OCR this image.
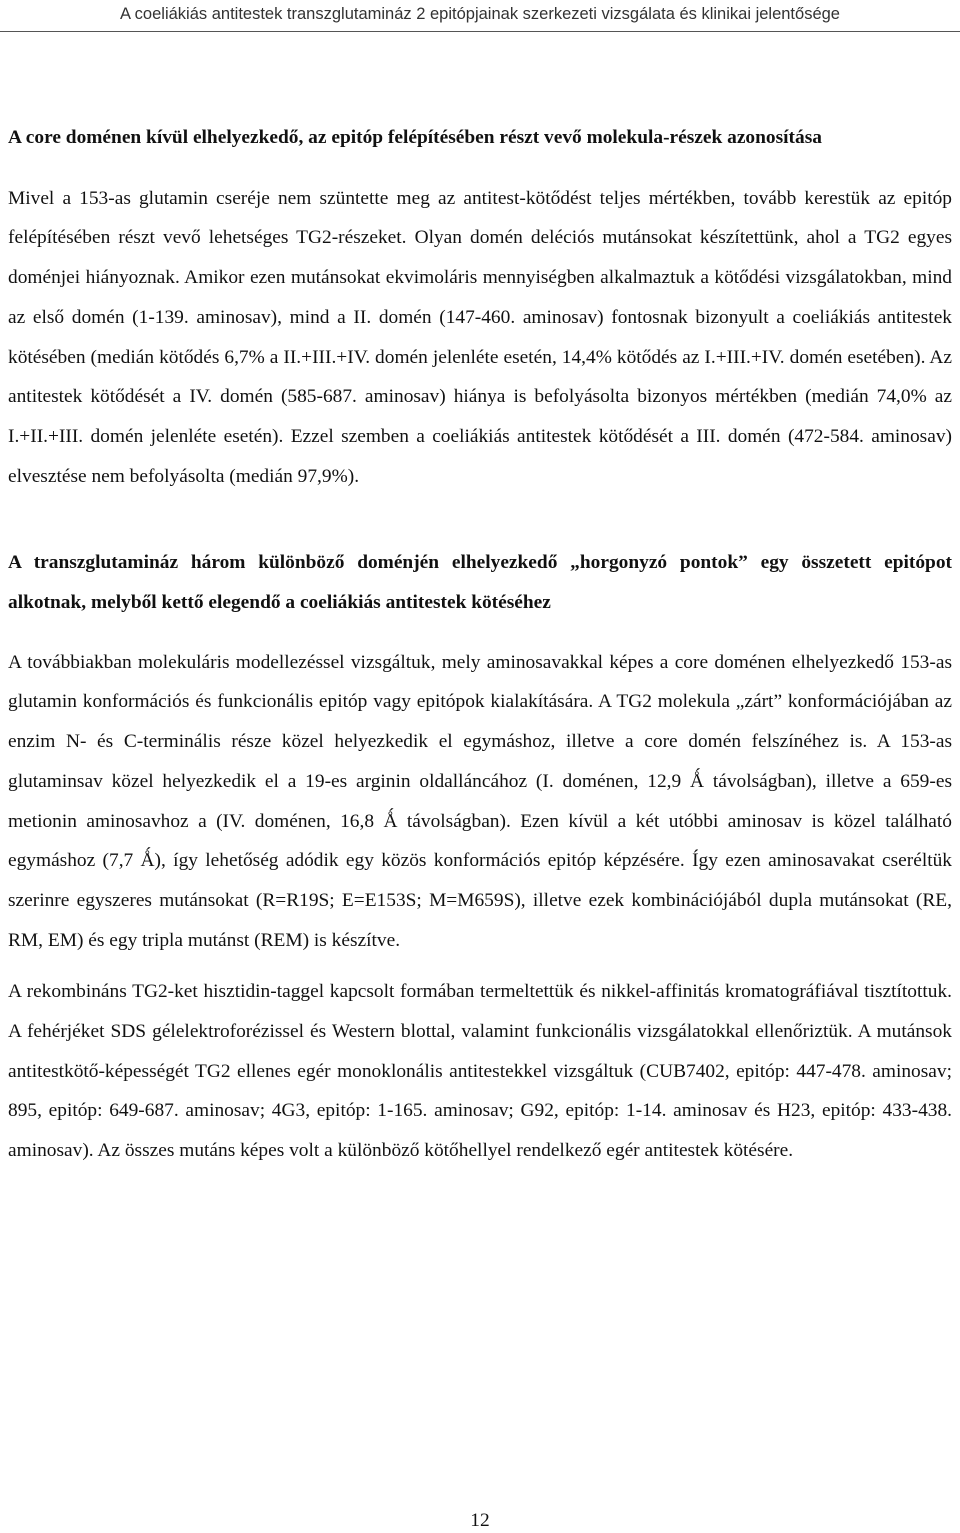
A coeliákiás antitestek transzglutamináz 2 epitópjainak szerkezeti vizsgálata és klinikai jelentősége
A core doménen kívül elhelyezkedő, az epitóp felépítésében részt vevő molekula-részek azonosítása

Mivel a 153-as glutamin cseréje nem szüntette meg az antitest-kötődést teljes mértékben, tovább kerestük az epitóp felépítésében részt vevő lehetséges TG2-részeket. Olyan domén deléciós mutánsokat készítettünk, ahol a TG2 egyes doménjei hiányoznak. Amikor ezen mutánsokat ekvimoláris mennyiségben alkalmaztuk a kötődési vizsgálatokban, mind az első domén (1-139. aminosav), mind a II. domén (147-460. aminosav) fontosnak bizonyult a coeliákiás antitestek kötésében (medián kötődés 6,7% a II.+III.+IV. domén jelenléte esetén, 14,4% kötődés az I.+III.+IV. domén esetében). Az antitestek kötődését a IV. domén (585-687. aminosav) hiánya is befolyásolta bizonyos mértékben (medián 74,0% az I.+II.+III. domén jelenléte esetén). Ezzel szemben a coeliákiás antitestek kötődését a III. domén (472-584. aminosav) elvesztése nem befolyásolta (medián 97,9%).

A transzglutamináz három különböző doménjén elhelyezkedő „horgonyzó pontok” egy összetett epitópot alkotnak, melyből kettő elegendő a coeliákiás antitestek kötéséhez

A továbbiakban molekuláris modellezéssel vizsgáltuk, mely aminosavakkal képes a core doménen elhelyezkedő 153-as glutamin konformációs és funkcionális epitóp vagy epitópok kialakítására. A TG2 molekula „zárt” konformációjában az enzim N- és C-terminális része közel helyezkedik el egymáshoz, illetve a core domén felszínéhez is. A 153-as glutaminsav közel helyezkedik el a 19-es arginin oldalláncához (I. doménen, 12,9 Ǻ távolságban), illetve a 659-es metionin aminosavhoz a (IV. doménen, 16,8 Ǻ távolságban). Ezen kívül a két utóbbi aminosav is közel található egymáshoz (7,7 Ǻ), így lehetőség adódik egy közös konformációs epitóp képzésére. Így ezen aminosavakat cseréltük szerinre egyszeres mutánsokat (R=R19S; E=E153S; M=M659S), illetve ezek kombinációjából dupla mutánsokat (RE, RM, EM) és egy tripla mutánst (REM) is készítve.

A rekombináns TG2-ket hisztidin-taggel kapcsolt formában termeltettük és nikkel-affinitás kromatográfiával tisztítottuk. A fehérjéket SDS gélelektroforézissel és Western blottal, valamint funkcionális vizsgálatokkal ellenőriztük. A mutánsok antitestkötő-képességét TG2 ellenes egér monoklonális antitestekkel vizsgáltuk (CUB7402, epitóp: 447-478. aminosav; 895, epitóp: 649-687. aminosav; 4G3, epitóp: 1-165. aminosav; G92, epitóp: 1-14. aminosav és H23, epitóp: 433-438. aminosav). Az összes mutáns képes volt a különböző kötőhellyel rendelkező egér antitestek kötésére.

12
